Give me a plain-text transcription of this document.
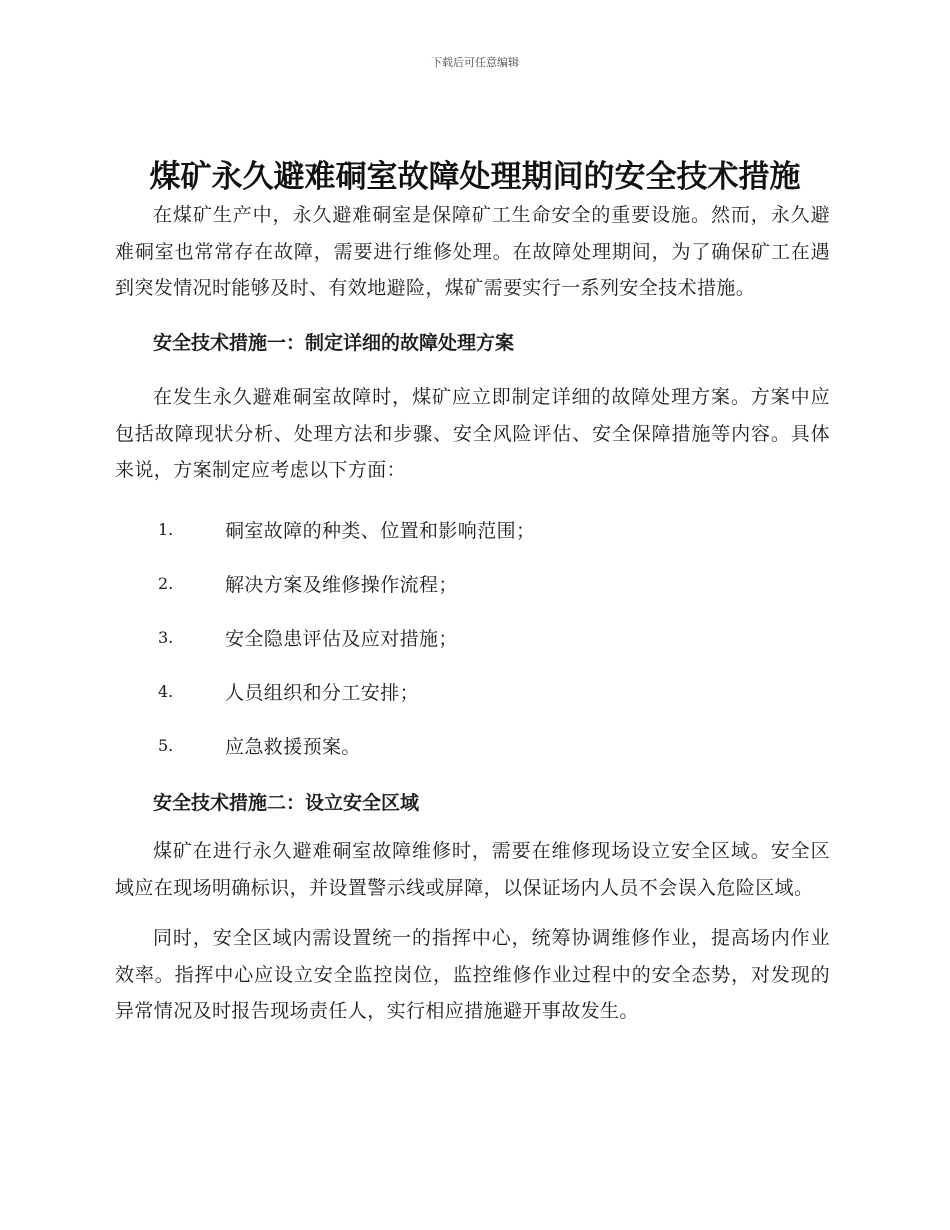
下载后可任意编辑
煤矿永久避难硐室故障处理期间的安全技术措施

在煤矿生产中，永久避难硐室是保障矿工生命安全的重要设施。然而，永久避难硐室也常常存在故障，需要进行维修处理。在故障处理期间，为了确保矿工在遇到突发情况时能够及时、有效地避险，煤矿需要实行一系列安全技术措施。

安全技术措施一：制定详细的故障处理方案

在发生永久避难硐室故障时，煤矿应立即制定详细的故障处理方案。方案中应包括故障现状分析、处理方法和步骤、安全风险评估、安全保障措施等内容。具体来说，方案制定应考虑以下方面：

1.	硐室故障的种类、位置和影响范围；
2.	解决方案及维修操作流程；
3.	安全隐患评估及应对措施；
4.	人员组织和分工安排；
5.	应急救援预案。

安全技术措施二：设立安全区域

煤矿在进行永久避难硐室故障维修时，需要在维修现场设立安全区域。安全区域应在现场明确标识，并设置警示线或屏障，以保证场内人员不会误入危险区域。

同时，安全区域内需设置统一的指挥中心，统筹协调维修作业，提高场内作业效率。指挥中心应设立安全监控岗位，监控维修作业过程中的安全态势，对发现的异常情况及时报告现场责任人，实行相应措施避开事故发生。
